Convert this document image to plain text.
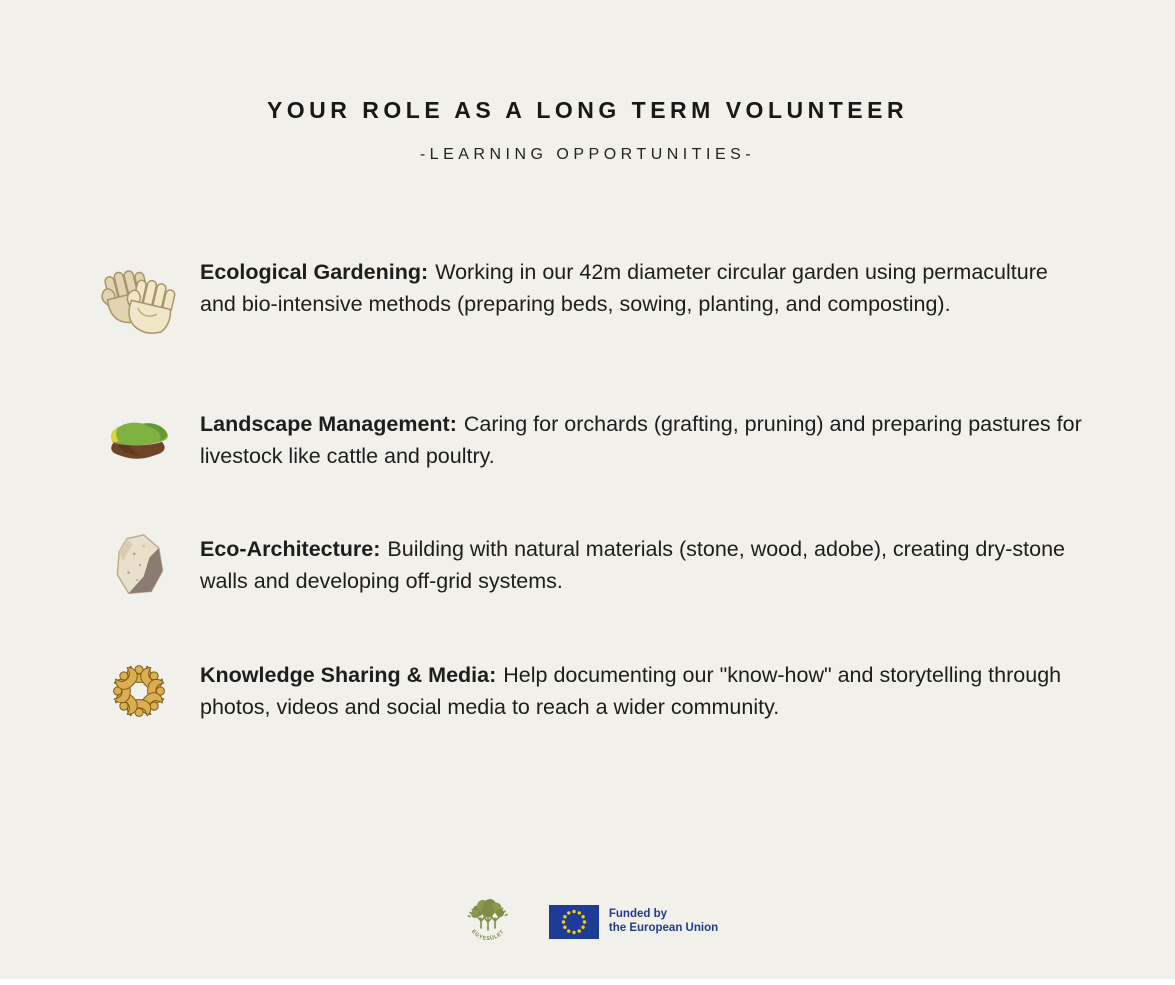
YOUR ROLE AS A LONG TERM VOLUNTEER
-LEARNING OPPORTUNITIES-
Ecological Gardening: Working in our 42m diameter circular garden using permaculture and bio-intensive methods (preparing beds, sowing, planting, and composting).
Landscape Management: Caring for orchards (grafting, pruning) and preparing pastures for livestock like cattle and poultry.
Eco-Architecture: Building with natural materials (stone, wood, adobe), creating dry-stone walls and developing off-grid systems.
Knowledge Sharing & Media: Help documenting our "know-how" and storytelling through photos, videos and social media to reach a wider community.
EGYESÜLET
Funded by
the European Union
